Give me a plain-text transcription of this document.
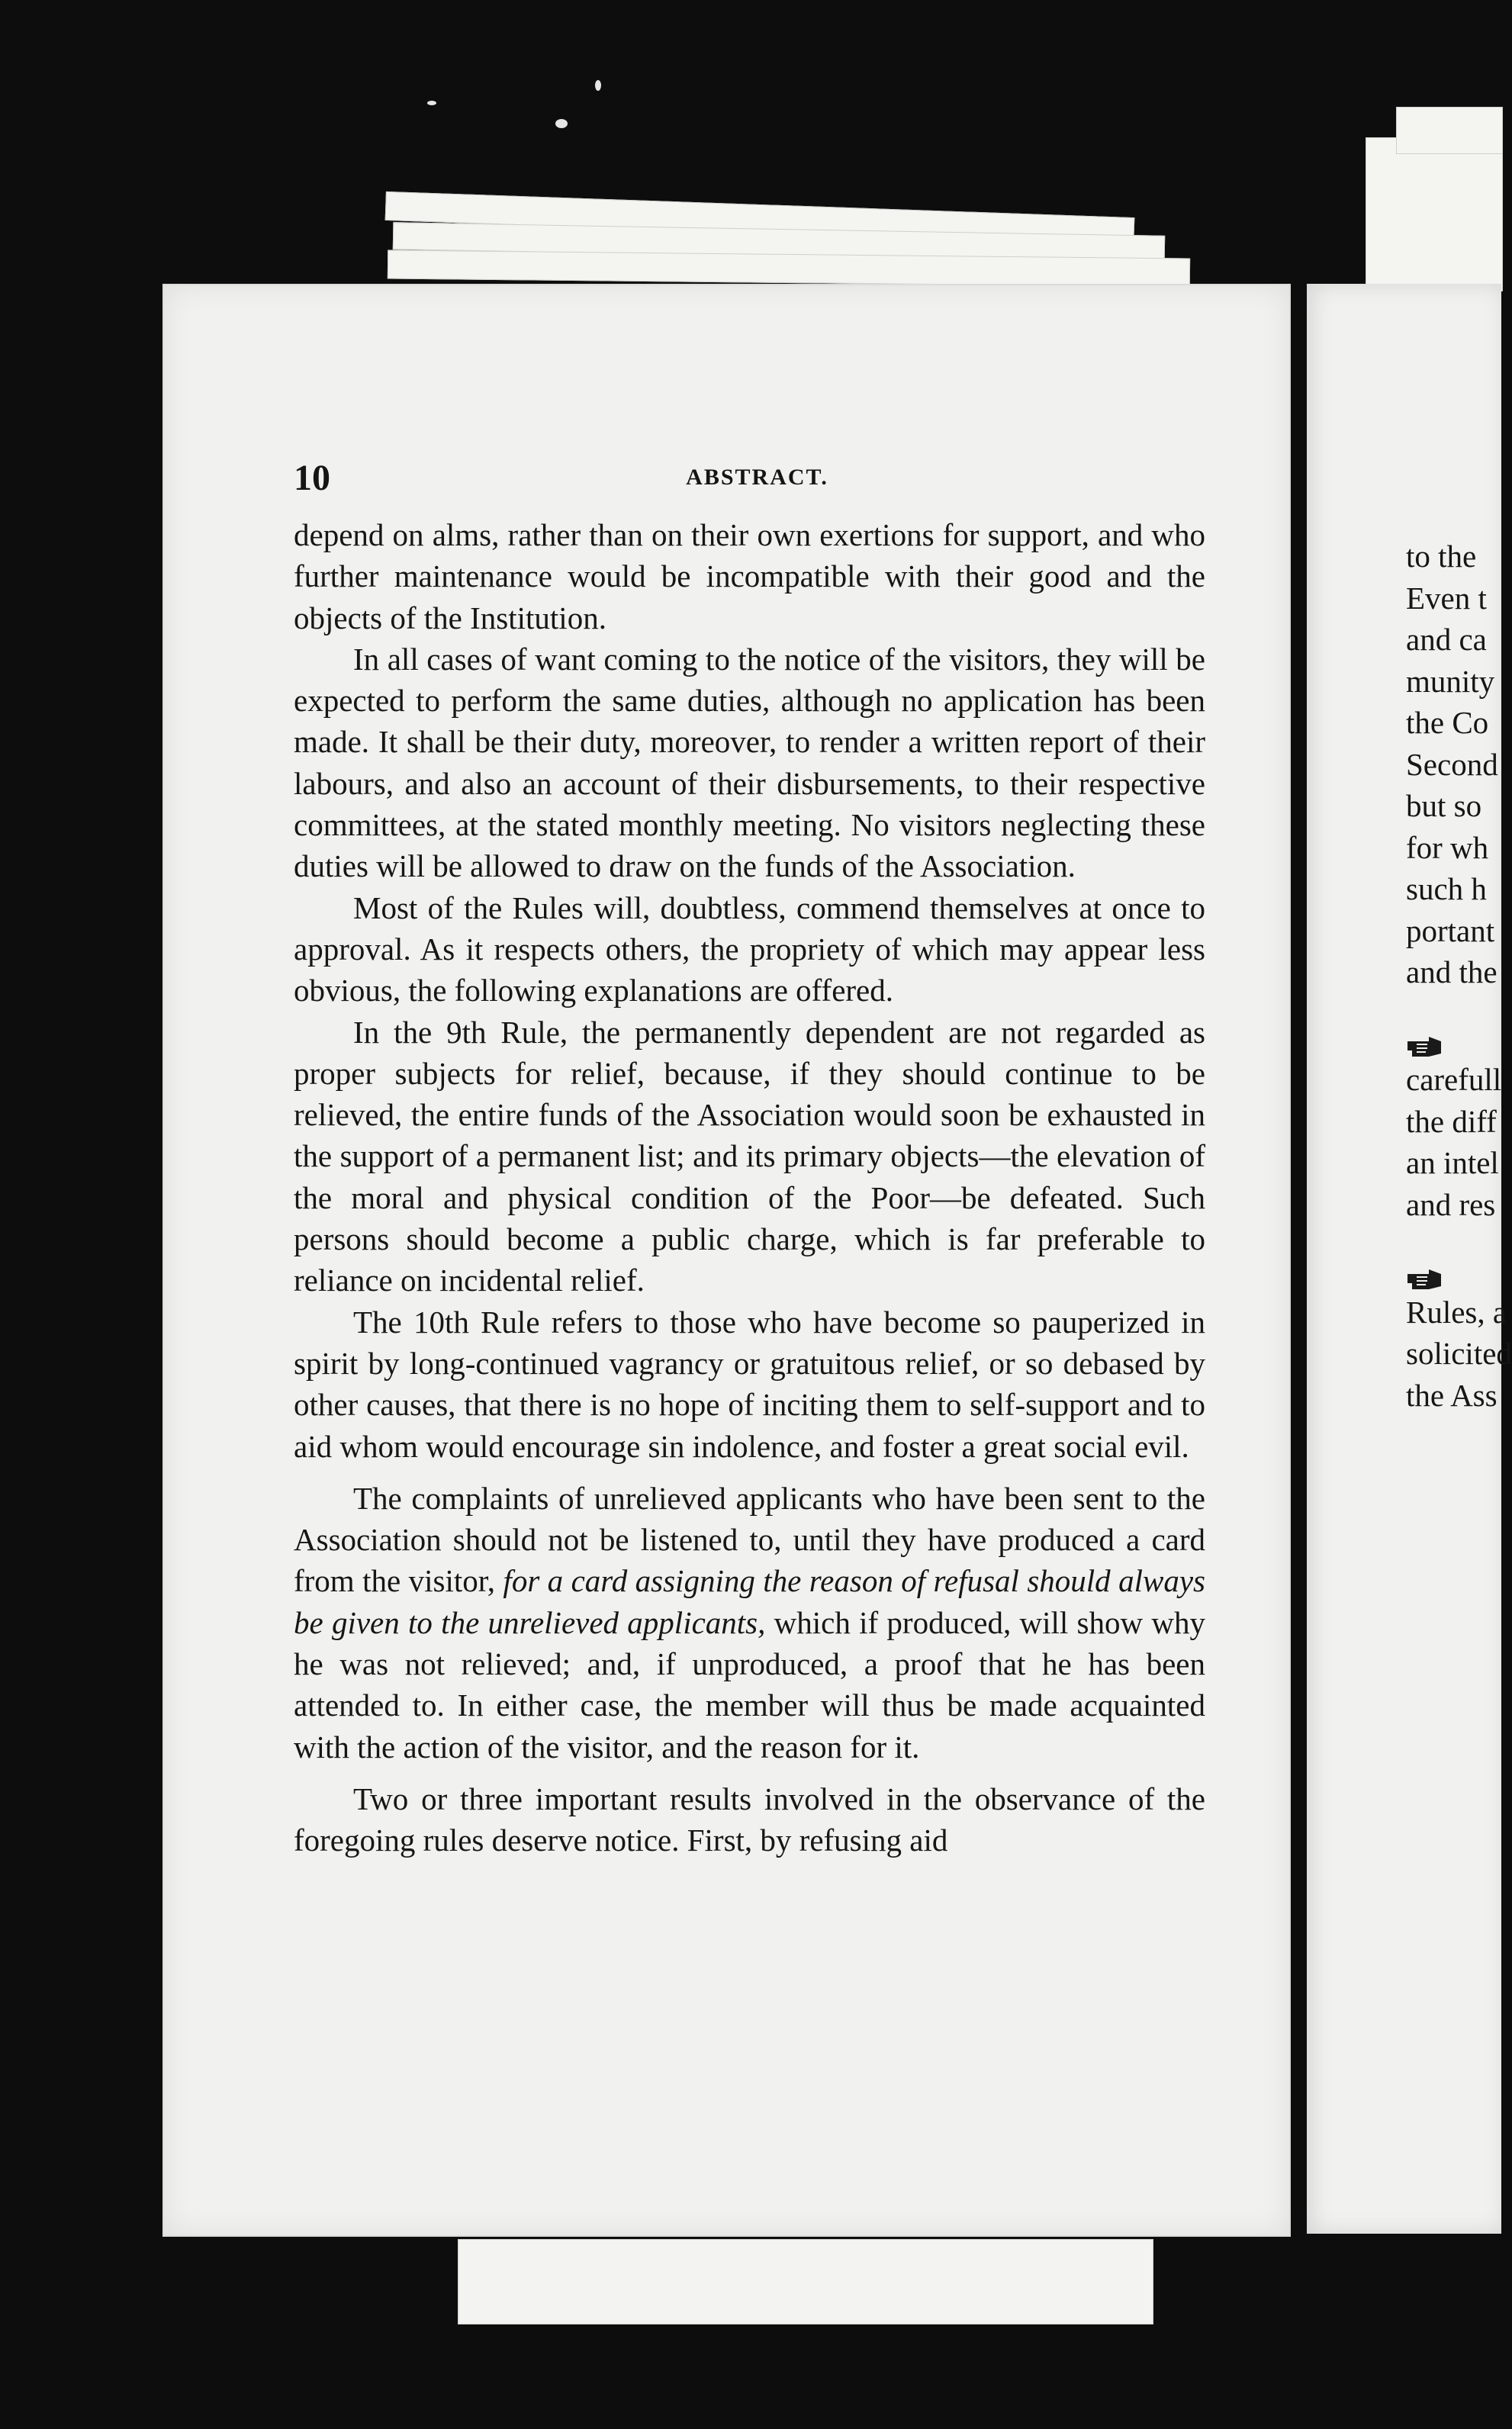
10	ABSTRACT.

depend on alms, rather than on their own exertions for support, and who further maintenance would be incompatible with their good and the objects of the Institution.

In all cases of want coming to the notice of the visitors, they will be expected to perform the same duties, although no application has been made. It shall be their duty, moreover, to render a written report of their labours, and also an account of their disbursements, to their respective committees, at the stated monthly meeting. No visitors neglecting these duties will be allowed to draw on the funds of the Association.

Most of the Rules will, doubtless, commend themselves at once to approval. As it respects others, the propriety of which may appear less obvious, the following explanations are offered.

In the 9th Rule, the permanently dependent are not regarded as proper subjects for relief, because, if they should continue to be relieved, the entire funds of the Association would soon be exhausted in the support of a permanent list; and its primary objects—the elevation of the moral and physical condition of the Poor—be defeated. Such persons should become a public charge, which is far preferable to reliance on incidental relief.

The 10th Rule refers to those who have become so pauperized in spirit by long-continued vagrancy or gratuitous relief, or so debased by other causes, that there is no hope of inciting them to self-support and to aid whom would encourage sin indolence, and foster a great social evil.

The complaints of unrelieved applicants who have been sent to the Association should not be listened to, until they have produced a card from the visitor, for a card assigning the reason of refusal should always be given to the unrelieved applicants, which if produced, will show why he was not relieved; and, if unproduced, a proof that he has been attended to. In either case, the member will thus be made acquainted with the action of the visitor, and the reason for it.

Two or three important results involved in the observance of the foregoing rules deserve notice. First, by refusing aid

to the
Even t
and ca
munity
the Co
Second
but so
for wh
such h
portant
and the
carefull
the diff
an intel
and res
Rules, a
solicited
the Ass
